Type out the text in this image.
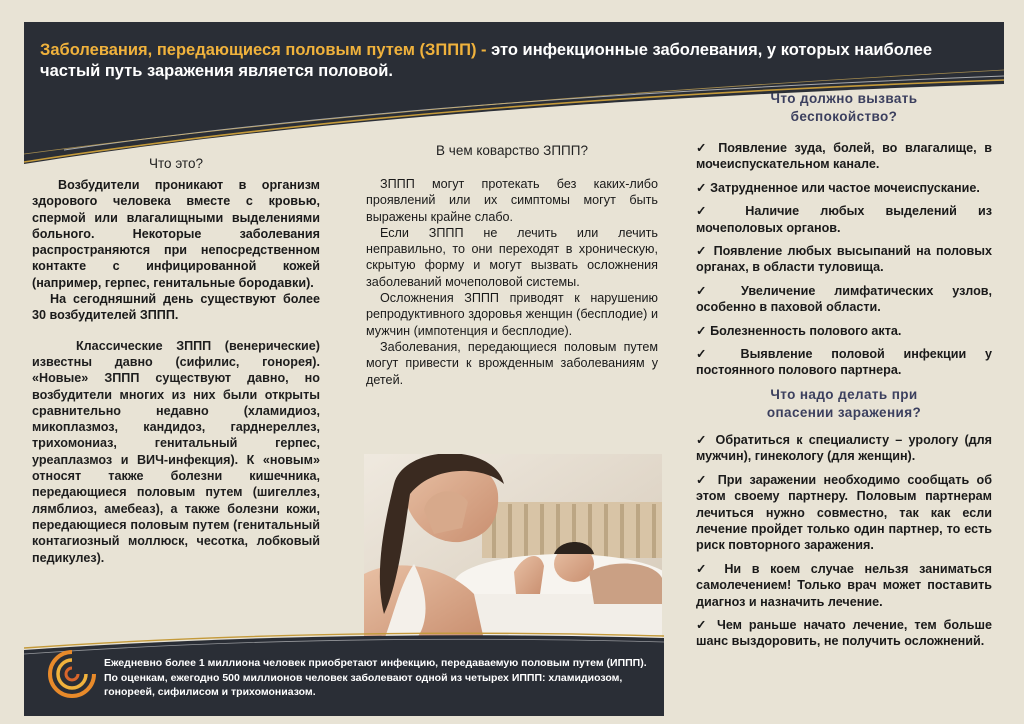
Заболевания, передающиеся половым путем (ЗППП) - это инфекционные заболевания, у которых наиболее частый путь заражения является половой.

Что это?

Возбудители проникают в организм здорового человека вместе с кровью, спермой или влагалищными выделениями больного. Некоторые заболевания распространяются при непосредственном контакте с инфицированной кожей (например, герпес, генитальные бородавки).

На сегодняшний день существуют более 30 возбудителей ЗППП.

Классические ЗППП (венерические) известны давно (сифилис, гонорея). «Новые» ЗППП существуют давно, но возбудители многих из них были открыты сравнительно недавно (хламидиоз, микоплазмоз, кандидоз, гарднереллез, трихомониаз, генитальный герпес, уреаплазмоз и ВИЧ-инфекция). К «новым» относят также болезни кишечника, передающиеся половым путем (шигеллез, лямблиоз, амебеаз), а также болезни кожи, передающиеся половым путем (генитальный контагиозный моллюск, чесотка, лобковый педикулез).

В чем коварство ЗППП?

ЗППП могут протекать без каких-либо проявлений или их симптомы могут быть выражены крайне слабо.

Если ЗППП не лечить или лечить неправильно, то они переходят в хроническую, скрытую форму и могут вызвать осложнения заболеваний мочеполовой системы.

Осложнения ЗППП приводят к нарушению репродуктивного здоровья женщин (бесплодие) и мужчин (импотенция и бесплодие).

Заболевания, передающиеся половым путем могут привести к врожденным заболеваниям у детей.

Что должно вызвать беспокойство?
✓ Появление зуда, болей, во влагалище, в мочеиспускательном канале.
✓ Затрудненное или частое мочеиспускание.
✓ Наличие любых выделений из мочеполовых органов.
✓ Появление любых высыпаний на половых органах, в области туловища.
✓ Увеличение лимфатических узлов, особенно в паховой области.
✓ Болезненность полового акта.
✓ Выявление половой инфекции у постоянного полового партнера.
Что надо делать при опасении заражения?
✓ Обратиться к специалисту – урологу (для мужчин), гинекологу (для женщин).
✓ При заражении необходимо сообщать об этом своему партнеру. Половым партнерам лечиться нужно совместно, так как если лечение пройдет только один партнер, то есть риск повторного заражения.
✓ Ни в коем случае нельзя заниматься самолечением! Только врач может поставить диагноз и назначить лечение.
✓ Чем раньше начато лечение, тем больше шанс выздоровить, не получить осложнений.

Ежедневно более 1 миллиона человек приобретают инфекцию, передаваемую половым путем (ИППП).
По оценкам, ежегодно 500 миллионов человек заболевают одной из четырех ИППП: хламидиозом, гонореей, сифилисом и трихомониазом.
